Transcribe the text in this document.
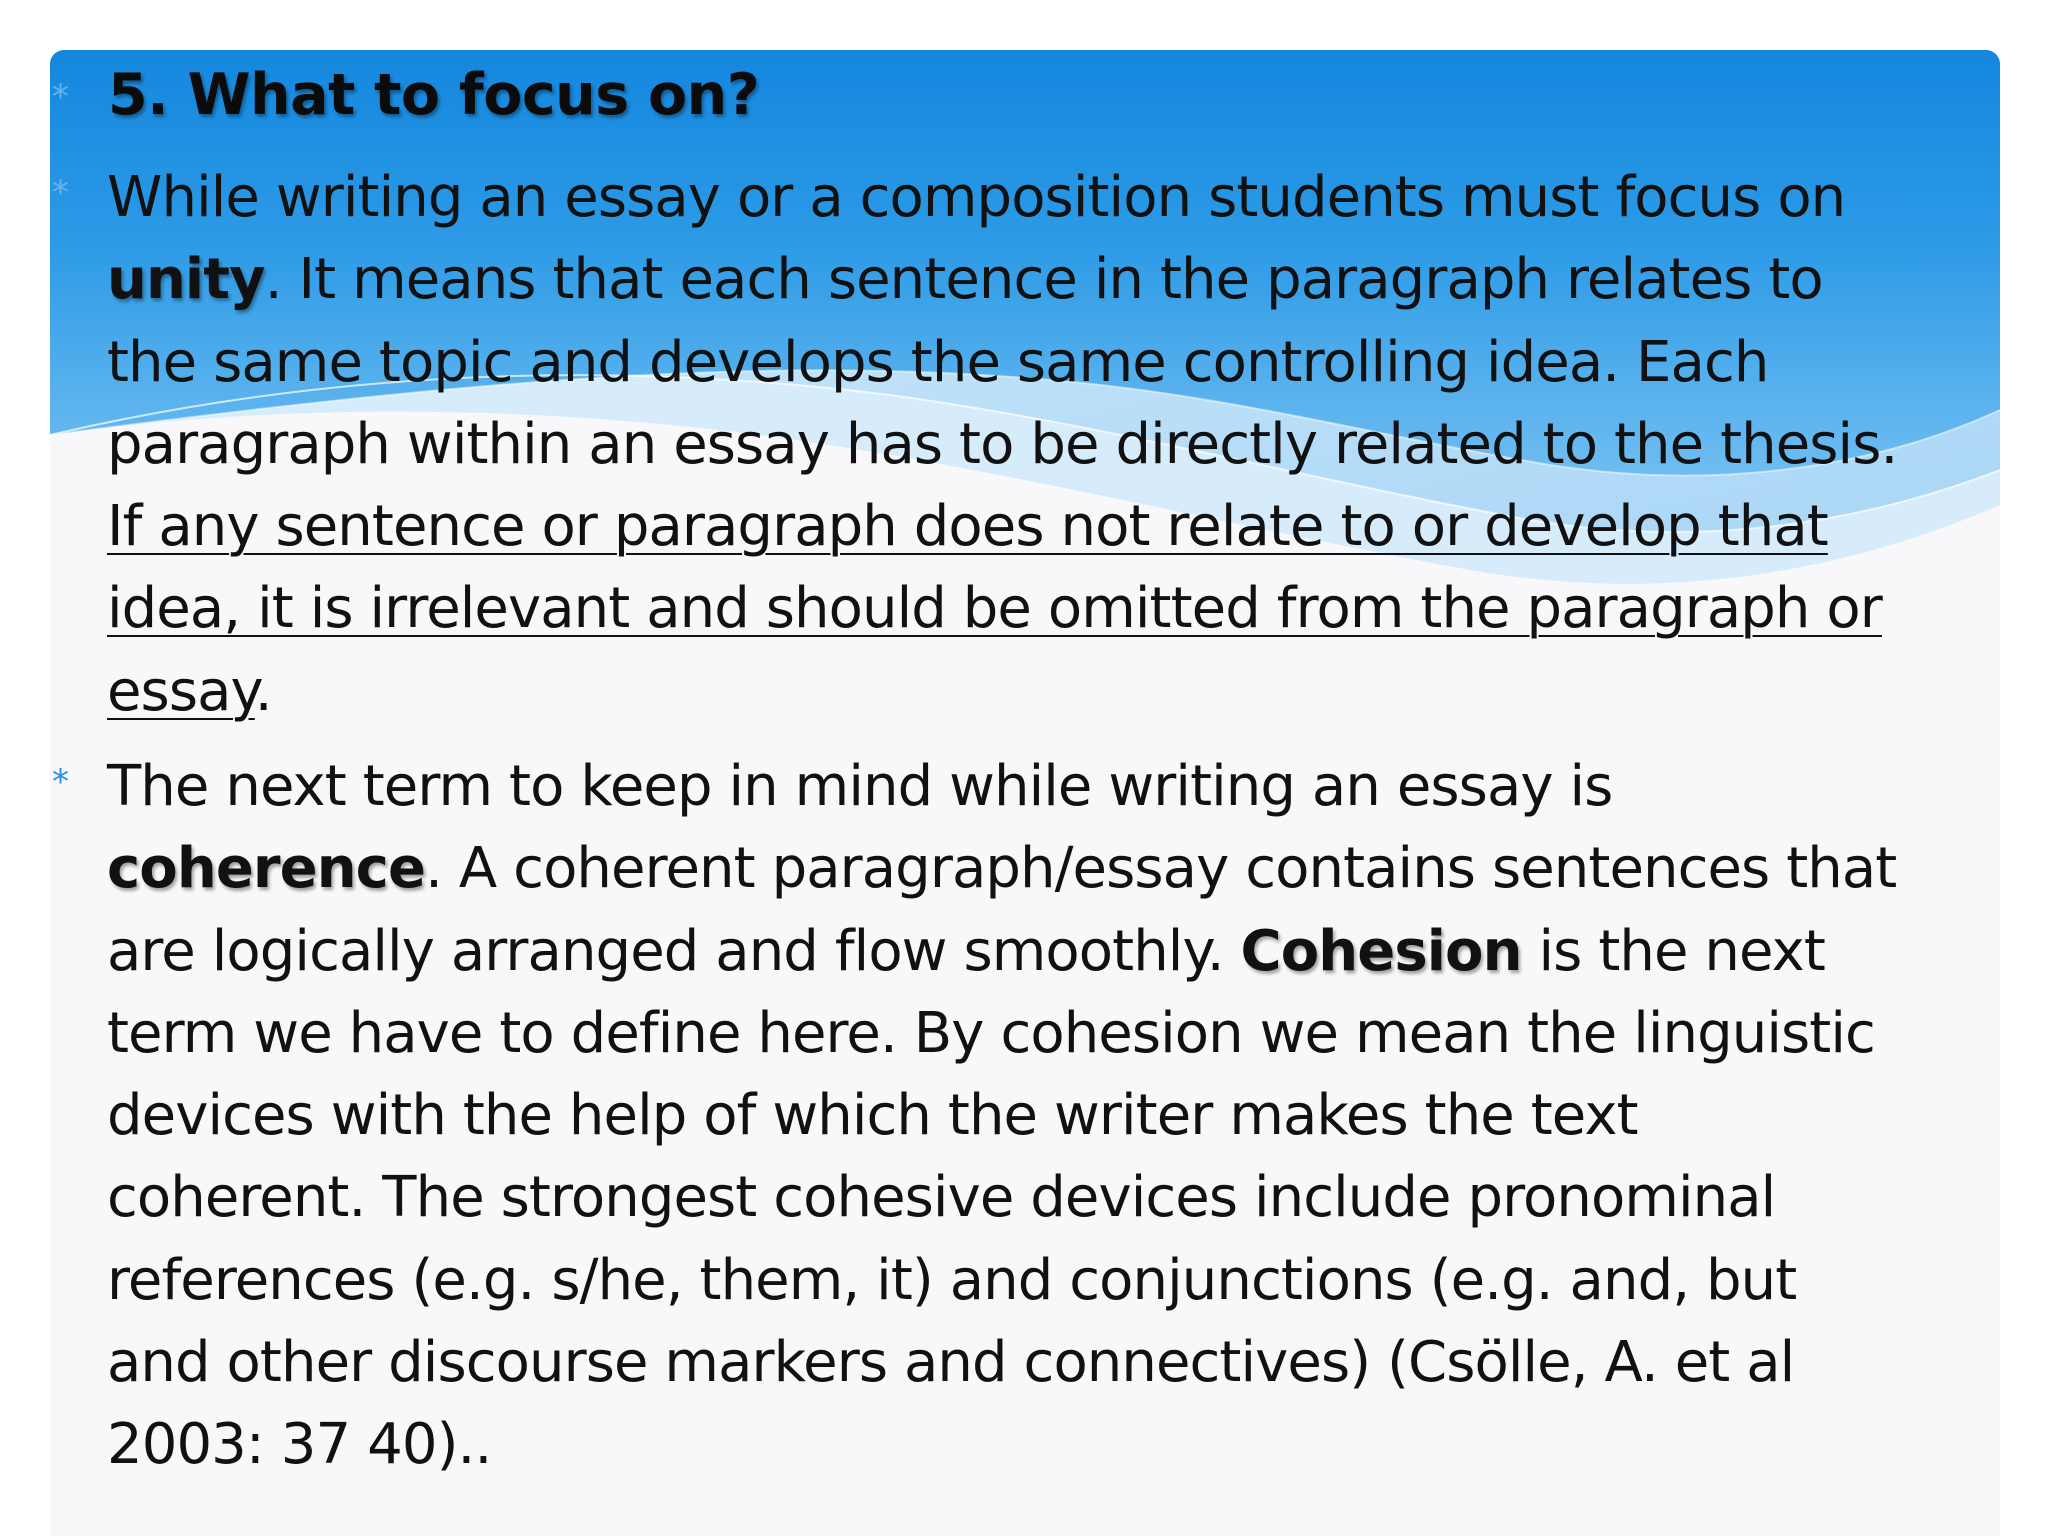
* 5. What to focus on?
* While writing an essay or a composition students must focus on
unity. It means that each sentence in the paragraph relates to
the same topic and develops the same controlling idea. Each
paragraph within an essay has to be directly related to the thesis.
If any sentence or paragraph does not relate to or develop that
idea, it is irrelevant and should be omitted from the paragraph or
essay.
* The next term to keep in mind while writing an essay is
coherence. A coherent paragraph/essay contains sentences that
are logically arranged and flow smoothly. Cohesion is the next
term we have to define here. By cohesion we mean the linguistic
devices with the help of which the writer makes the text
coherent. The strongest cohesive devices include pronominal
references (e.g. s/he, them, it) and conjunctions (e.g. and, but
and other discourse markers and connectives) (Csölle, A. et al
2003: 37 40)..
